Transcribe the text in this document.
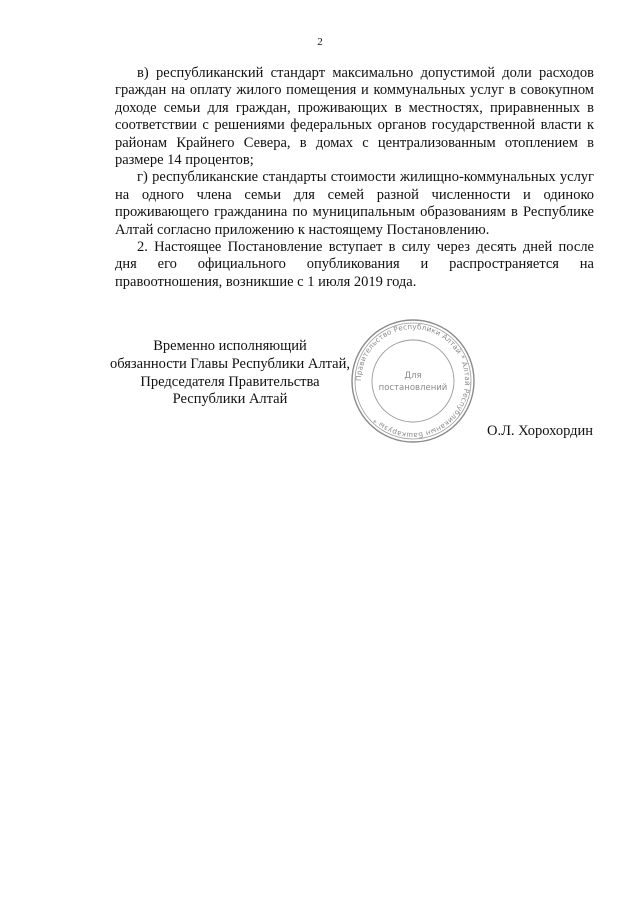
2

в) республиканский стандарт максимально допустимой доли расходов граждан на оплату жилого помещения и коммунальных услуг в совокупном доходе семьи для граждан, проживающих в местностях, приравненных в соответствии с решениями федеральных органов государственной власти к районам Крайнего Севера, в домах с централизованным отоплением в размере 14 процентов;

г) республиканские стандарты стоимости жилищно-коммунальных услуг на одного члена семьи для семей разной численности и одиноко проживающего гражданина по муниципальным образованиям в Республике Алтай согласно приложению к настоящему Постановлению.

2. Настоящее Постановление вступает в силу через десять дней после дня его официального опубликования и распространяется на правоотношения, возникшие с 1 июля 2019 года.

Временно исполняющий
обязанности Главы Республики Алтай,
Председателя Правительства
Республики Алтай
О.Л. Хорохордин
Правительство Республики Алтай * Алтай Республиканын Башкарузы *
Для
постановлений
